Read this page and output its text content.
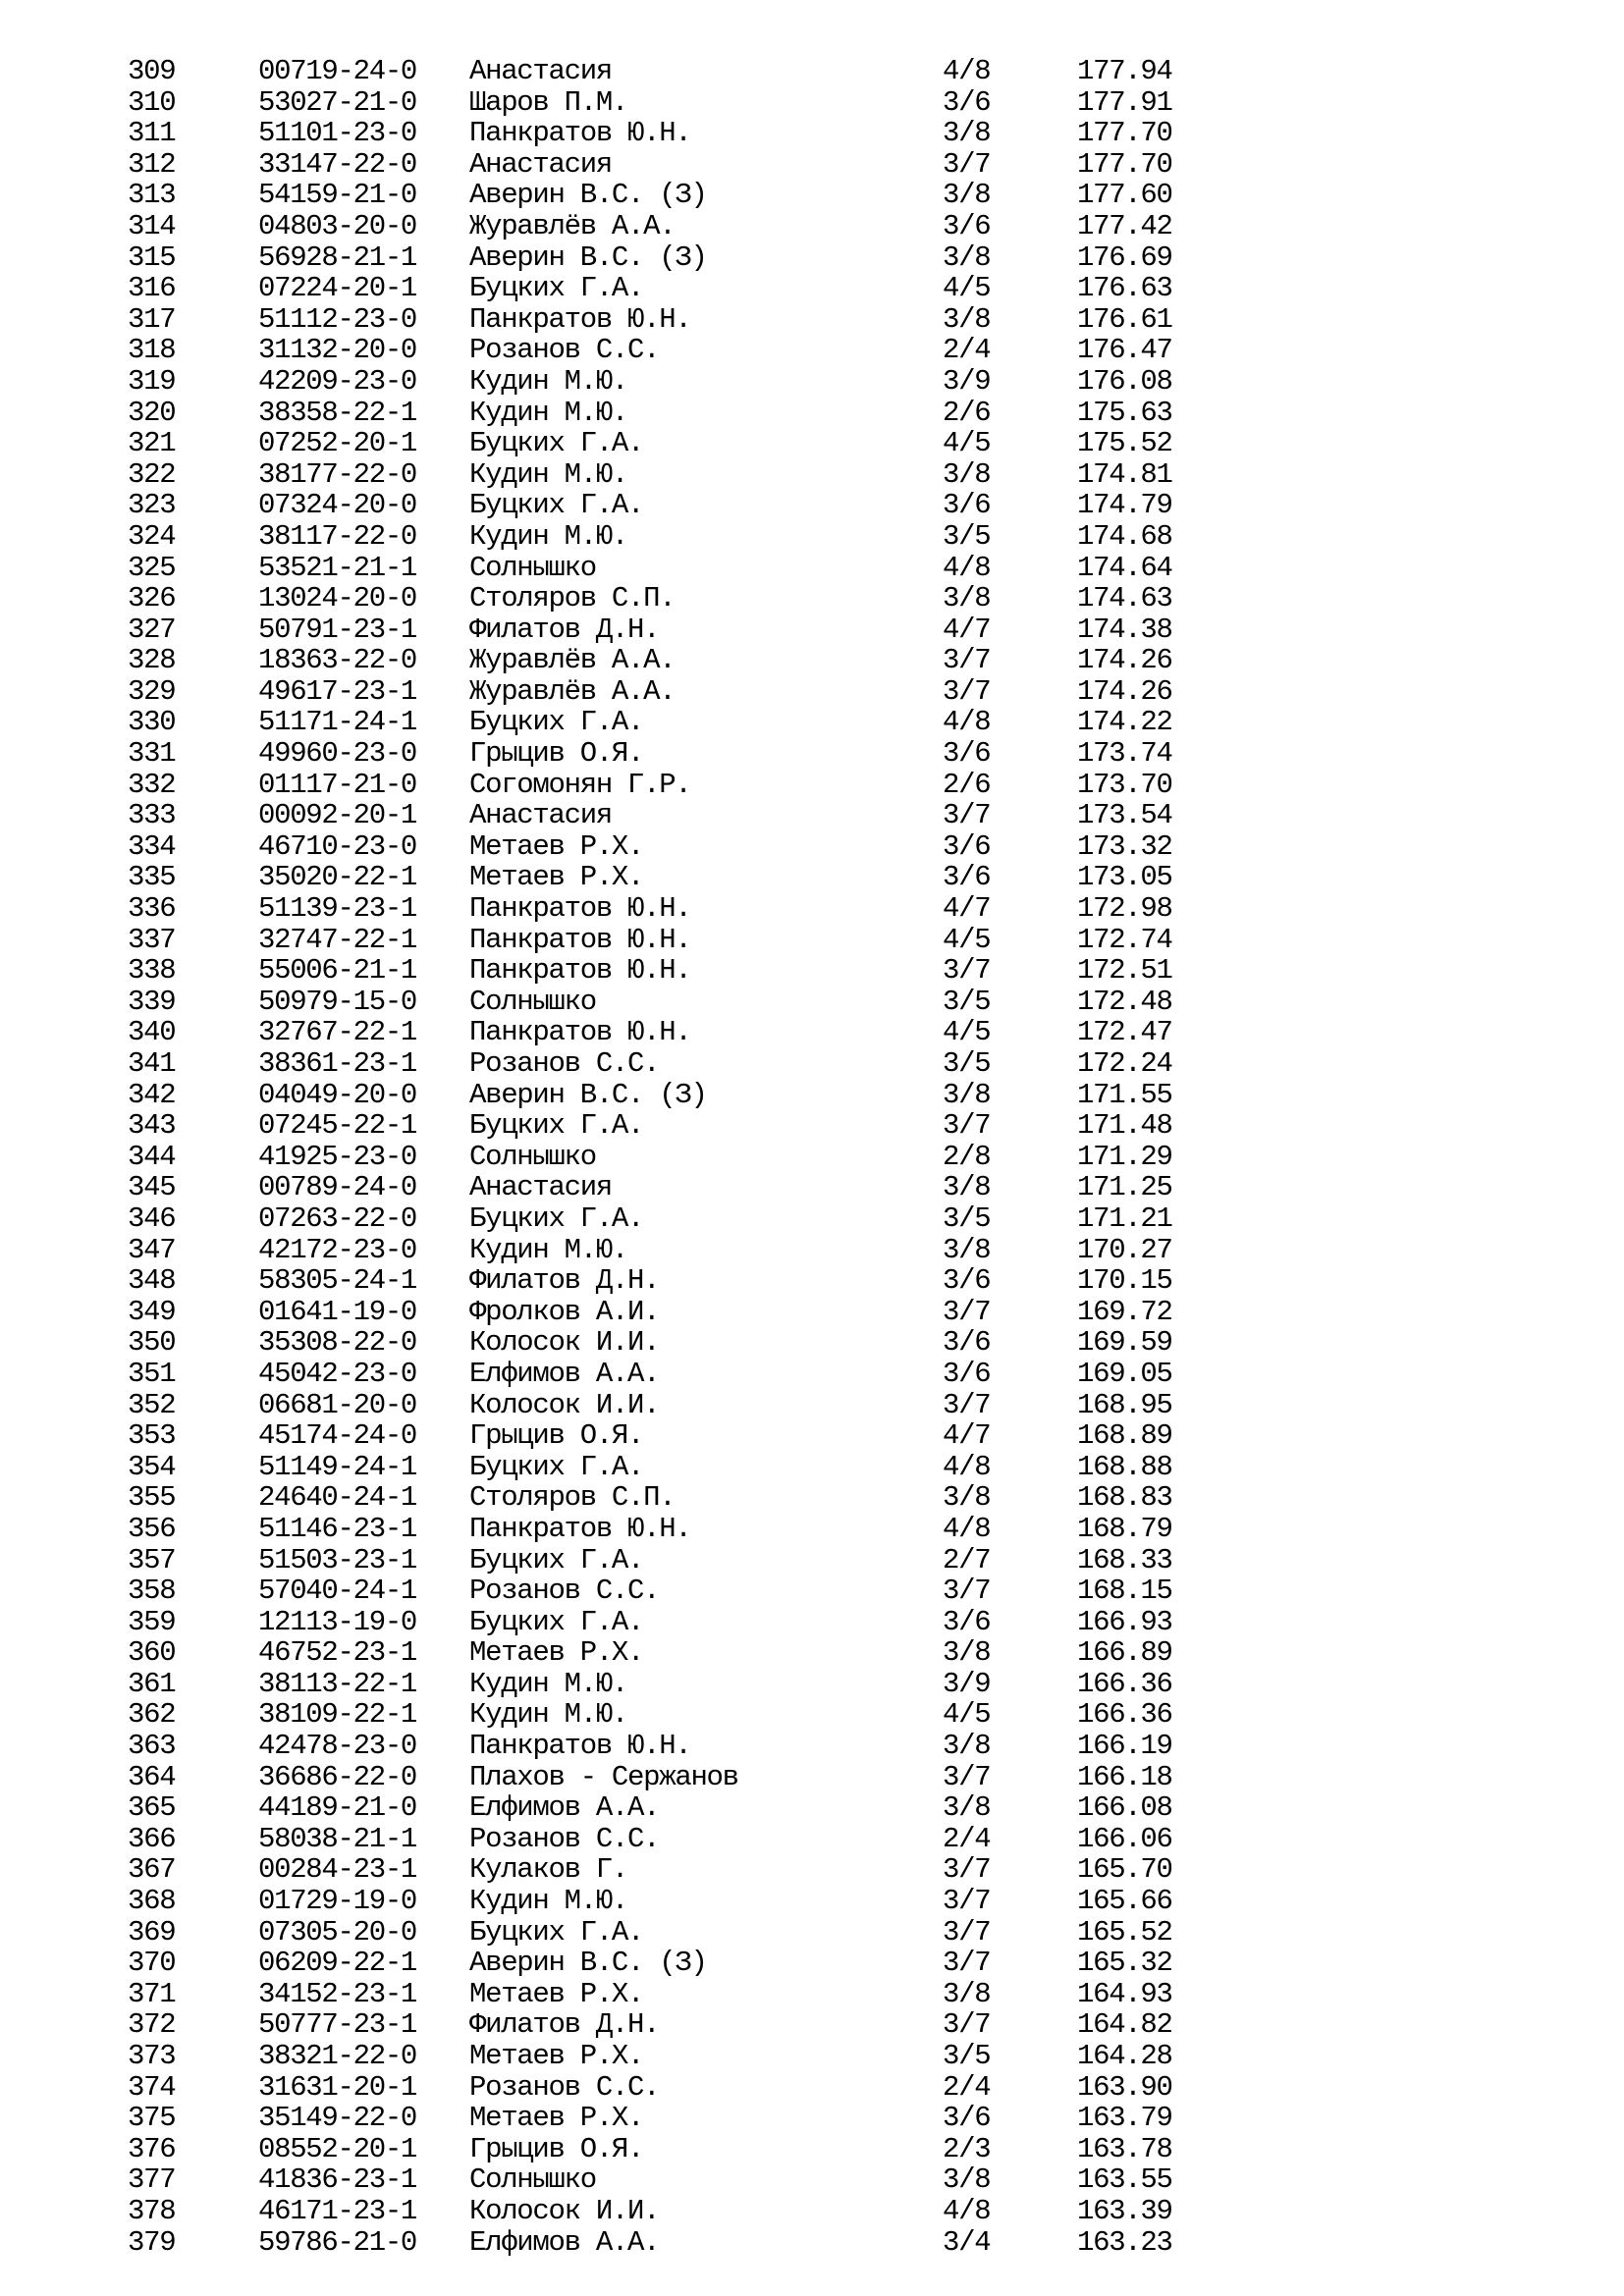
309	00719-24-0 Анастасия	4/8	177.94
310	53027-21-0 Шаров П.М.	3/6	177.91
311	51101-23-0 Панкратов Ю.Н.	3/8	177.70
312	33147-22-0 Анастасия	3/7	177.70
313	54159-21-0 Аверин В.С. (З)	3/8	177.60
314	04803-20-0 Журавлёв А.А.	3/6	177.42
315	56928-21-1 Аверин В.С. (З)	3/8	176.69
316	07224-20-1 Буцких Г.А.	4/5	176.63
317	51112-23-0 Панкратов Ю.Н.	3/8	176.61
318	31132-20-0 Розанов С.С.	2/4	176.47
319	42209-23-0 Кудин М.Ю.	3/9	176.08
320	38358-22-1 Кудин М.Ю.	2/6	175.63
321	07252-20-1 Буцких Г.А.	4/5	175.52
322	38177-22-0 Кудин М.Ю.	3/8	174.81
323	07324-20-0 Буцких Г.А.	3/6	174.79
324	38117-22-0 Кудин М.Ю.	3/5	174.68
325	53521-21-1 Солнышко	4/8	174.64
326	13024-20-0 Столяров С.П.	3/8	174.63
327	50791-23-1 Филатов Д.Н.	4/7	174.38
328	18363-22-0 Журавлёв А.А.	3/7	174.26
329	49617-23-1 Журавлёв А.А.	3/7	174.26
330	51171-24-1 Буцких Г.А.	4/8	174.22
331	49960-23-0 Грыцив О.Я.	3/6	173.74
332	01117-21-0 Согомонян Г.Р.	2/6	173.70
333	00092-20-1 Анастасия	3/7	173.54
334	46710-23-0 Метаев Р.Х.	3/6	173.32
335	35020-22-1 Метаев Р.Х.	3/6	173.05
336	51139-23-1 Панкратов Ю.Н.	4/7	172.98
337	32747-22-1 Панкратов Ю.Н.	4/5	172.74
338	55006-21-1 Панкратов Ю.Н.	3/7	172.51
339	50979-15-0 Солнышко	3/5	172.48
340	32767-22-1 Панкратов Ю.Н.	4/5	172.47
341	38361-23-1 Розанов С.С.	3/5	172.24
342	04049-20-0 Аверин В.С. (З)	3/8	171.55
343	07245-22-1 Буцких Г.А.	3/7	171.48
344	41925-23-0 Солнышко	2/8	171.29
345	00789-24-0 Анастасия	3/8	171.25
346	07263-22-0 Буцких Г.А.	3/5	171.21
347	42172-23-0 Кудин М.Ю.	3/8	170.27
348	58305-24-1 Филатов Д.Н.	3/6	170.15
349	01641-19-0 Фролков А.И.	3/7	169.72
350	35308-22-0 Колосок И.И.	3/6	169.59
351	45042-23-0 Елфимов А.А.	3/6	169.05
352	06681-20-0 Колосок И.И.	3/7	168.95
353	45174-24-0 Грыцив О.Я.	4/7	168.89
354	51149-24-1 Буцких Г.А.	4/8	168.88
355	24640-24-1 Столяров С.П.	3/8	168.83
356	51146-23-1 Панкратов Ю.Н.	4/8	168.79
357	51503-23-1 Буцких Г.А.	2/7	168.33
358	57040-24-1 Розанов С.С.	3/7	168.15
359	12113-19-0 Буцких Г.А.	3/6	166.93
360	46752-23-1 Метаев Р.Х.	3/8	166.89
361	38113-22-1 Кудин М.Ю.	3/9	166.36
362	38109-22-1 Кудин М.Ю.	4/5	166.36
363	42478-23-0 Панкратов Ю.Н.	3/8	166.19
364	36686-22-0 Плахов - Сержанов	3/7	166.18
365	44189-21-0 Елфимов А.А.	3/8	166.08
366	58038-21-1 Розанов С.С.	2/4	166.06
367	00284-23-1 Кулаков Г.	3/7	165.70
368	01729-19-0 Кудин М.Ю.	3/7	165.66
369	07305-20-0 Буцких Г.А.	3/7	165.52
370	06209-22-1 Аверин В.С. (З)	3/7	165.32
371	34152-23-1 Метаев Р.Х.	3/8	164.93
372	50777-23-1 Филатов Д.Н.	3/7	164.82
373	38321-22-0 Метаев Р.Х.	3/5	164.28
374	31631-20-1 Розанов С.С.	2/4	163.90
375	35149-22-0 Метаев Р.Х.	3/6	163.79
376	08552-20-1 Грыцив О.Я.	2/3	163.78
377	41836-23-1 Солнышко	3/8	163.55
378	46171-23-1 Колосок И.И.	4/8	163.39
379	59786-21-0 Елфимов А.А.	3/4	163.23
